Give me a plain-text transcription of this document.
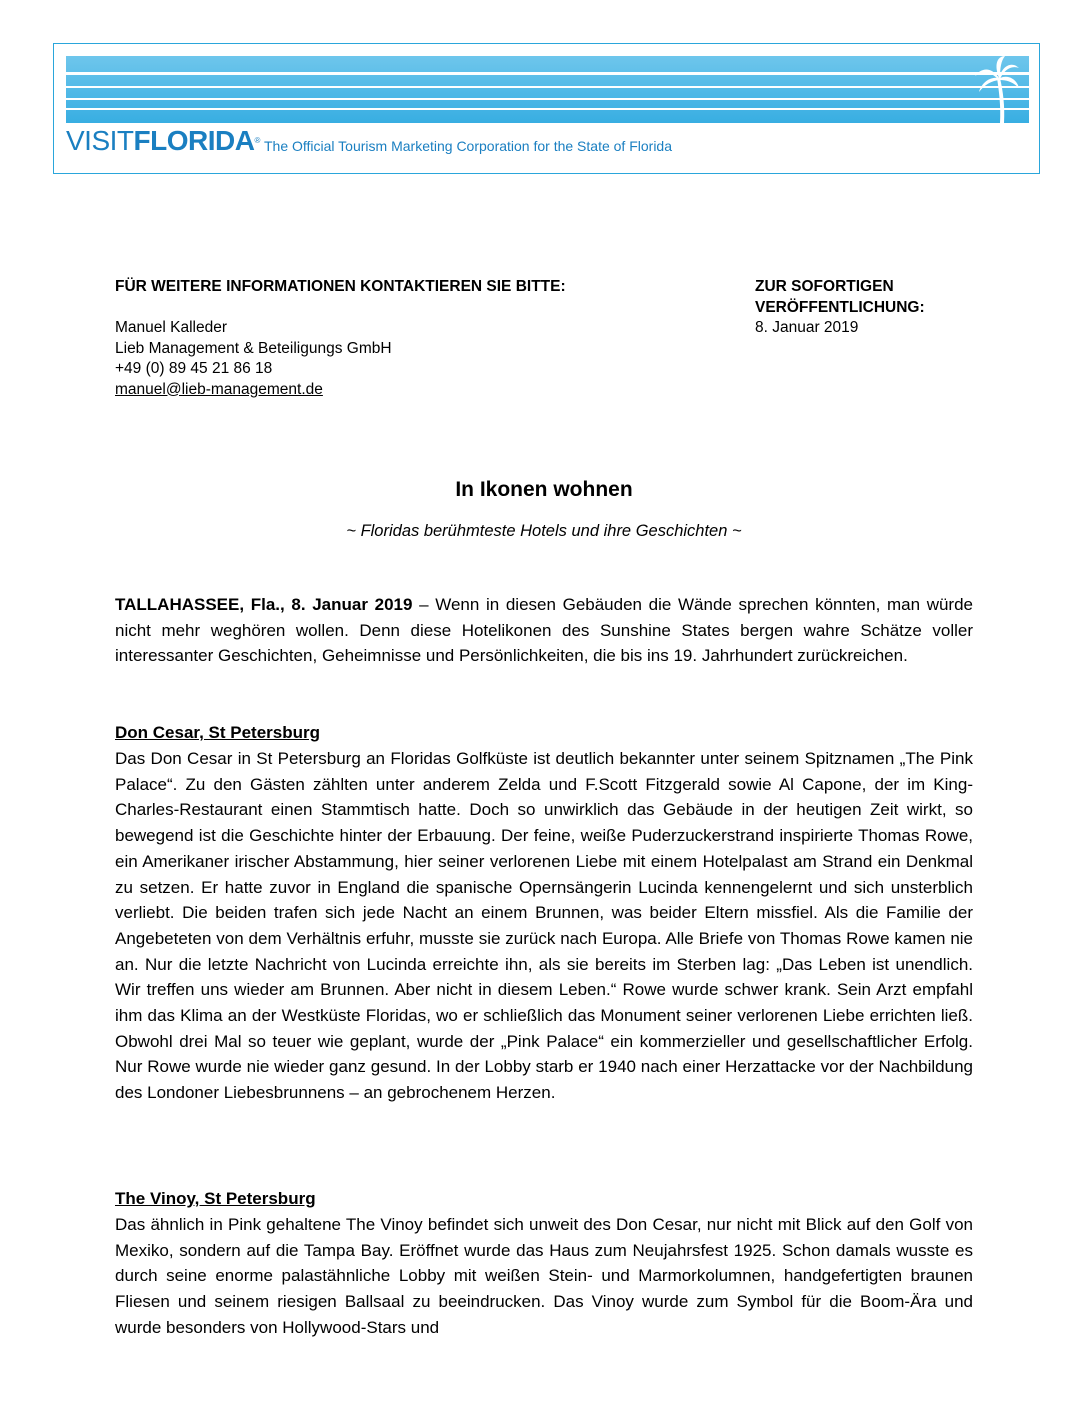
VISITFLORIDA® The Official Tourism Marketing Corporation for the State of Florida
FÜR WEITERE INFORMATIONEN KONTAKTIEREN SIE BITTE:
Manuel Kalleder
Lieb Management & Beteiligungs GmbH
+49 (0) 89 45 21 86 18
manuel@lieb-management.de
ZUR SOFORTIGEN
VERÖFFENTLICHUNG:
8. Januar 2019
In Ikonen wohnen
~ Floridas berühmteste Hotels und ihre Geschichten ~

TALLAHASSEE, Fla., 8. Januar 2019 – Wenn in diesen Gebäuden die Wände sprechen könnten, man würde nicht mehr weghören wollen. Denn diese Hotelikonen des Sunshine States bergen wahre Schätze voller interessanter Geschichten, Geheimnisse und Persönlichkeiten, die bis ins 19. Jahrhundert zurückreichen.

Don Cesar, St Petersburg

Das Don Cesar in St Petersburg an Floridas Golfküste ist deutlich bekannter unter seinem Spitznamen „The Pink Palace“. Zu den Gästen zählten unter anderem Zelda und F.Scott Fitzgerald sowie Al Capone, der im King-Charles-Restaurant einen Stammtisch hatte. Doch so unwirklich das Gebäude in der heutigen Zeit wirkt, so bewegend ist die Geschichte hinter der Erbauung. Der feine, weiße Puderzuckerstrand inspirierte Thomas Rowe, ein Amerikaner irischer Abstammung, hier seiner verlorenen Liebe mit einem Hotelpalast am Strand ein Denkmal zu setzen. Er hatte zuvor in England die spanische Opernsängerin Lucinda kennengelernt und sich unsterblich verliebt. Die beiden trafen sich jede Nacht an einem Brunnen, was beider Eltern missfiel. Als die Familie der Angebeteten von dem Verhältnis erfuhr, musste sie zurück nach Europa. Alle Briefe von Thomas Rowe kamen nie an. Nur die letzte Nachricht von Lucinda erreichte ihn, als sie bereits im Sterben lag: „Das Leben ist unendlich. Wir treffen uns wieder am Brunnen. Aber nicht in diesem Leben.“ Rowe wurde schwer krank. Sein Arzt empfahl ihm das Klima an der Westküste Floridas, wo er schließlich das Monument seiner verlorenen Liebe errichten ließ. Obwohl drei Mal so teuer wie geplant, wurde der „Pink Palace“ ein kommerzieller und gesellschaftlicher Erfolg. Nur Rowe wurde nie wieder ganz gesund. In der Lobby starb er 1940 nach einer Herzattacke vor der Nachbildung des Londoner Liebesbrunnens – an gebrochenem Herzen.

The Vinoy, St Petersburg

Das ähnlich in Pink gehaltene The Vinoy befindet sich unweit des Don Cesar, nur nicht mit Blick auf den Golf von Mexiko, sondern auf die Tampa Bay. Eröffnet wurde das Haus zum Neujahrsfest 1925. Schon damals wusste es durch seine enorme palastähnliche Lobby mit weißen Stein- und Marmorkolumnen, handgefertigten braunen Fliesen und seinem riesigen Ballsaal zu beeindrucken. Das Vinoy wurde zum Symbol für die Boom-Ära und wurde besonders von Hollywood-Stars und
